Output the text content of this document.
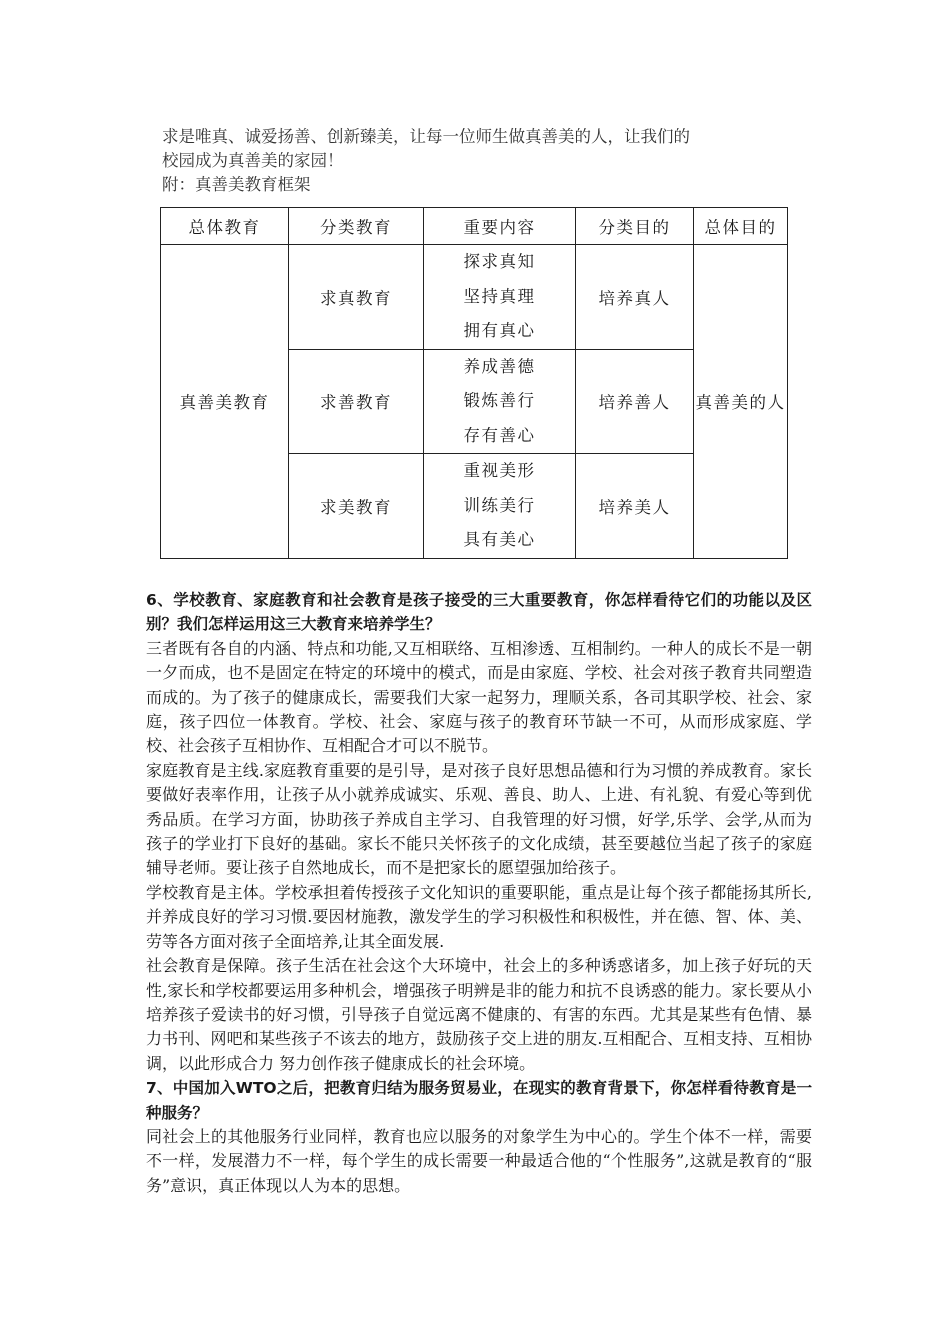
求是唯真、诚爱扬善、创新臻美，让每一位师生做真善美的人，让我们的

校园成为真善美的家园！

附：真善美教育框架

总体教育	分类教育	重要内容	分类目的	总体目的
真善美教育	求真教育	探求真知
坚持真理
拥有真心	培养真人	真善美的人
	求善教育	养成善德
锻炼善行
存有善心	培养善人	
	求美教育	重视美形
训练美行
具有美心	培养美人	

6、学校教育、家庭教育和社会教育是孩子接受的三大重要教育，你怎样看待它们的功能以及区别？我们怎样运用这三大教育来培养学生？

三者既有各自的内涵、特点和功能,又互相联络、互相渗透、互相制约。一种人的成长不是一朝一夕而成，也不是固定在特定的环境中的模式，而是由家庭、学校、社会对孩子教育共同塑造而成的。为了孩子的健康成长，需要我们大家一起努力，理顺关系，各司其职学校、社会、家庭，孩子四位一体教育。学校、社会、家庭与孩子的教育环节缺一不可，从而形成家庭、学校、社会孩子互相协作、互相配合才可以不脱节。

家庭教育是主线.家庭教育重要的是引导，是对孩子良好思想品德和行为习惯的养成教育。家长要做好表率作用，让孩子从小就养成诚实、乐观、善良、助人、上进、有礼貌、有爱心等到优秀品质。在学习方面，协助孩子养成自主学习、自我管理的好习惯，好学,乐学、会学,从而为孩子的学业打下良好的基础。家长不能只关怀孩子的文化成绩，甚至要越位当起了孩子的家庭辅导老师。要让孩子自然地成长，而不是把家长的愿望强加给孩子。

学校教育是主体。学校承担着传授孩子文化知识的重要职能，重点是让每个孩子都能扬其所长,并养成良好的学习习惯.要因材施教，激发学生的学习积极性和积极性，并在德、智、体、美、劳等各方面对孩子全面培养,让其全面发展.

社会教育是保障。孩子生活在社会这个大环境中，社会上的多种诱惑诸多，加上孩子好玩的天性,家长和学校都要运用多种机会，增强孩子明辨是非的能力和抗不良诱惑的能力。家长要从小培养孩子爱读书的好习惯，引导孩子自觉远离不健康的、有害的东西。尤其是某些有色情、暴力书刊、网吧和某些孩子不该去的地方，鼓励孩子交上进的朋友.互相配合、互相支持、互相协调，以此形成合力 努力创作孩子健康成长的社会环境。

7、中国加入WTO之后，把教育归结为服务贸易业，在现实的教育背景下，你怎样看待教育是一种服务？

同社会上的其他服务行业同样，教育也应以服务的对象学生为中心的。学生个体不一样，需要不一样，发展潜力不一样，每个学生的成长需要一种最适合他的“个性服务”,这就是教育的“服务”意识，真正体现以人为本的思想。
